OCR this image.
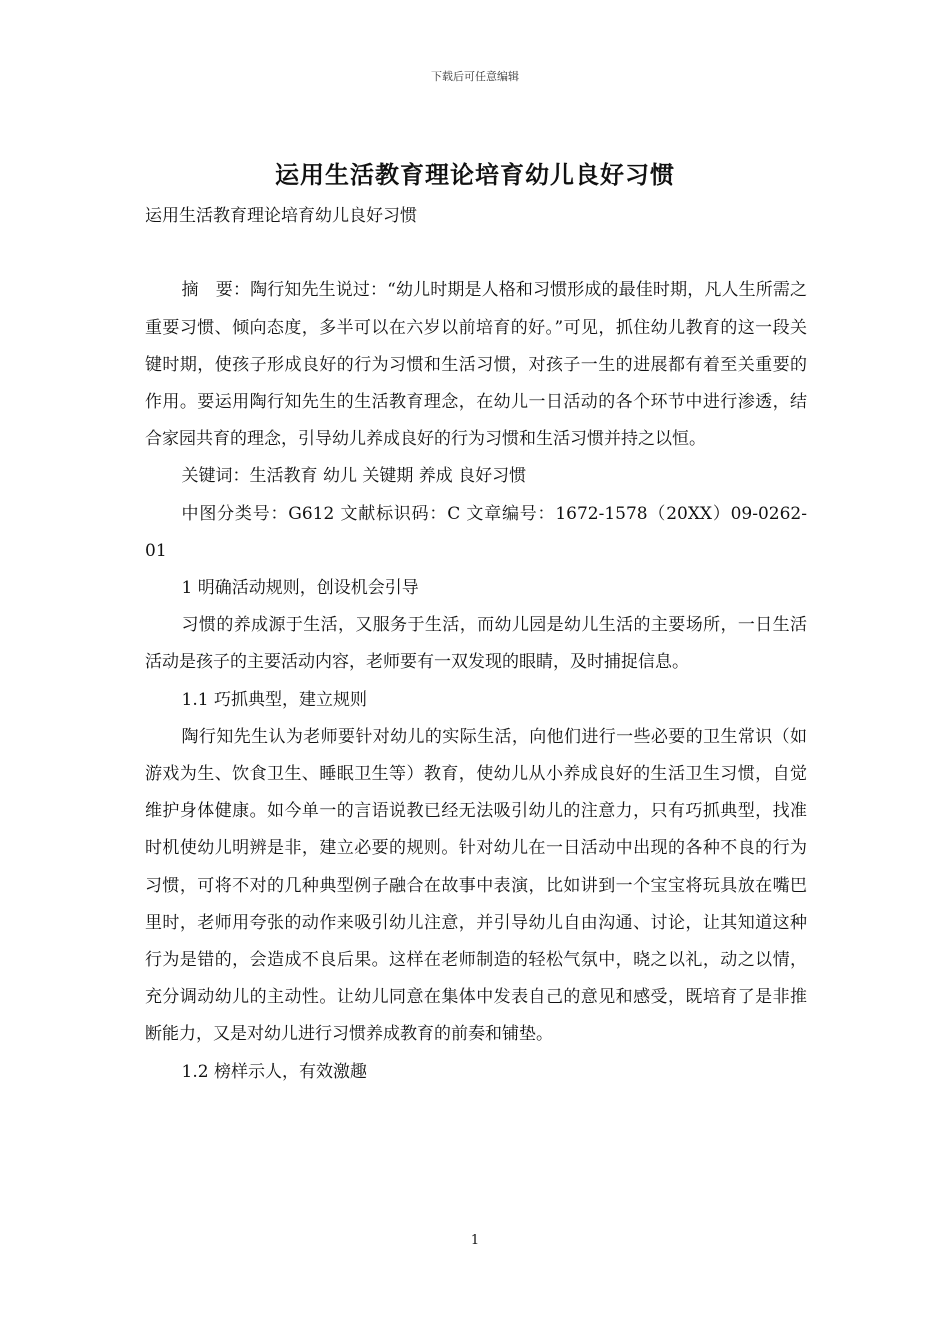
下载后可任意编辑
运用生活教育理论培育幼儿良好习惯

运用生活教育理论培育幼儿良好习惯

摘　要：陶行知先生说过：“幼儿时期是人格和习惯形成的最佳时期，凡人生所需之重要习惯、倾向态度，多半可以在六岁以前培育的好。”可见，抓住幼儿教育的这一段关键时期，使孩子形成良好的行为习惯和生活习惯，对孩子一生的进展都有着至关重要的作用。要运用陶行知先生的生活教育理念，在幼儿一日活动的各个环节中进行渗透，结合家园共育的理念，引导幼儿养成良好的行为习惯和生活习惯并持之以恒。

关键词：生活教育 幼儿 关键期 养成 良好习惯

中图分类号：G612 文献标识码：C 文章编号：1672-1578（20XX）09-0262-01

1 明确活动规则，创设机会引导

习惯的养成源于生活，又服务于生活，而幼儿园是幼儿生活的主要场所，一日生活活动是孩子的主要活动内容，老师要有一双发现的眼睛，及时捕捉信息。

1.1 巧抓典型，建立规则

陶行知先生认为老师要针对幼儿的实际生活，向他们进行一些必要的卫生常识（如游戏为生、饮食卫生、睡眠卫生等）教育，使幼儿从小养成良好的生活卫生习惯，自觉维护身体健康。如今单一的言语说教已经无法吸引幼儿的注意力，只有巧抓典型，找准时机使幼儿明辨是非，建立必要的规则。针对幼儿在一日活动中出现的各种不良的行为习惯，可将不对的几种典型例子融合在故事中表演，比如讲到一个宝宝将玩具放在嘴巴里时，老师用夸张的动作来吸引幼儿注意，并引导幼儿自由沟通、讨论，让其知道这种行为是错的，会造成不良后果。这样在老师制造的轻松气氛中，晓之以礼，动之以情，充分调动幼儿的主动性。让幼儿同意在集体中发表自己的意见和感受，既培育了是非推断能力，又是对幼儿进行习惯养成教育的前奏和铺垫。

1.2 榜样示人，有效激趣

1
